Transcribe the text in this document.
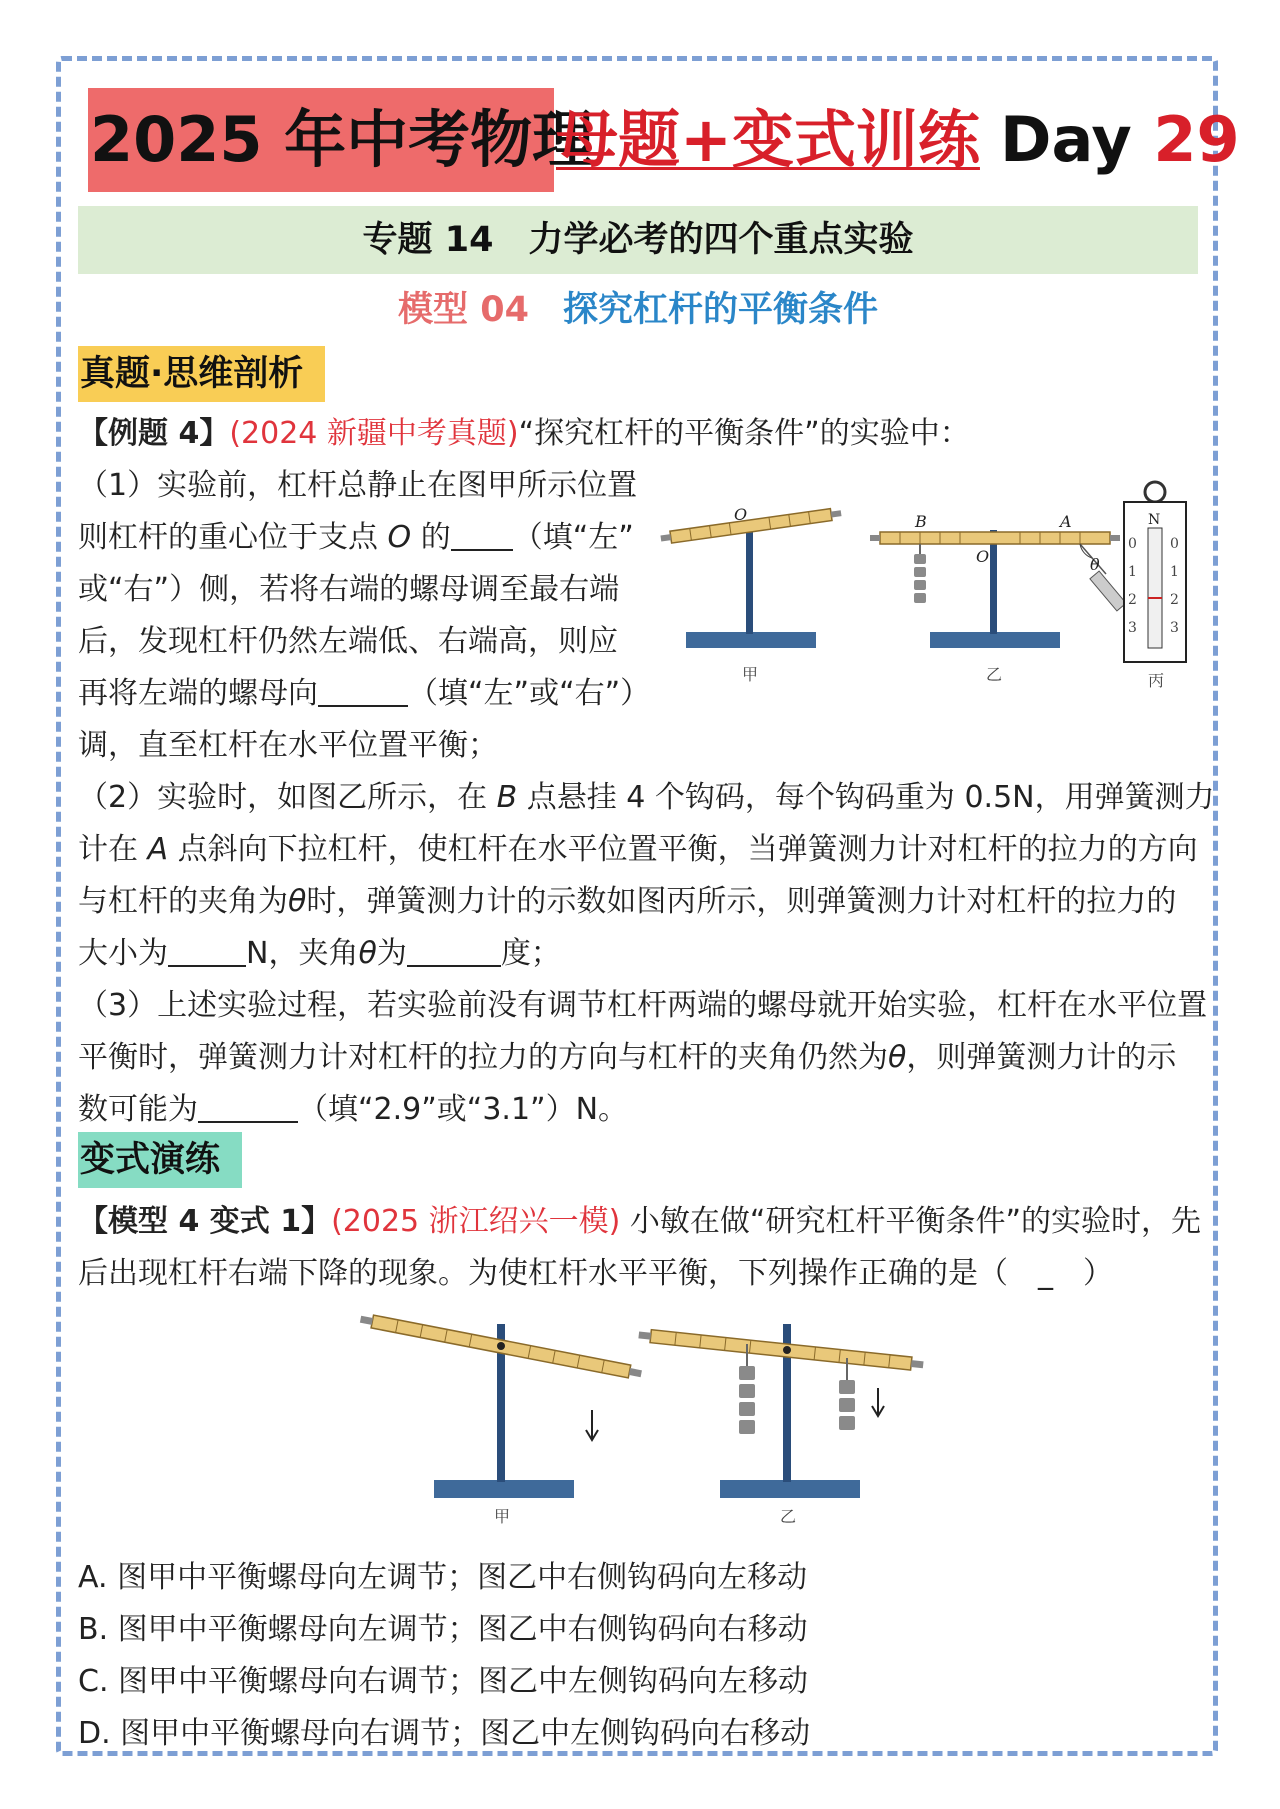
2025 年中考物理
母题+变式训练 Day 29
专题 14　力学必考的四个重点实验
模型 04 探究杠杆的平衡条件
真题·思维剖析
【例题 4】(2024 新疆中考真题)“探究杠杆的平衡条件”的实验中：
（1）实验前，杠杆总静止在图甲所示位置
则杠杆的重心位于支点 O 的 （填“左”
或“右”）侧，若将右端的螺母调至最右端
后，发现杠杆仍然左端低、右端高，则应
再将左端的螺母向	（填“左”或“右”）
调，直至杠杆在水平位置平衡；
O
甲
B	A
O	θ
乙
N
0
1
2
3
0
1
2
3
丙
（2）实验时，如图乙所示，在 B 点悬挂 4 个钩码，每个钩码重为 0.5N，用弹簧测力
计在 A 点斜向下拉杠杆，使杠杆在水平位置平衡，当弹簧测力计对杠杆的拉力的方向
与杠杆的夹角为θ时，弹簧测力计的示数如图丙所示，则弹簧测力计对杠杆的拉力的
大小为	N，夹角θ为	度；
（3）上述实验过程，若实验前没有调节杠杆两端的螺母就开始实验，杠杆在水平位置
平衡时，弹簧测力计对杠杆的拉力的方向与杠杆的夹角仍然为θ，则弹簧测力计的示
数可能为	（填“2.9”或“3.1”）N。
变式演练
【模型 4 变式 1】(2025 浙江绍兴一模) 小敏在做“研究杠杆平衡条件”的实验时，先
后出现杠杆右端下降的现象。为使杠杆水平平衡，下列操作正确的是（　_　）
甲	乙
A. 图甲中平衡螺母向左调节；图乙中右侧钩码向左移动
B. 图甲中平衡螺母向左调节；图乙中右侧钩码向右移动
C. 图甲中平衡螺母向右调节；图乙中左侧钩码向左移动
D. 图甲中平衡螺母向右调节；图乙中左侧钩码向右移动
